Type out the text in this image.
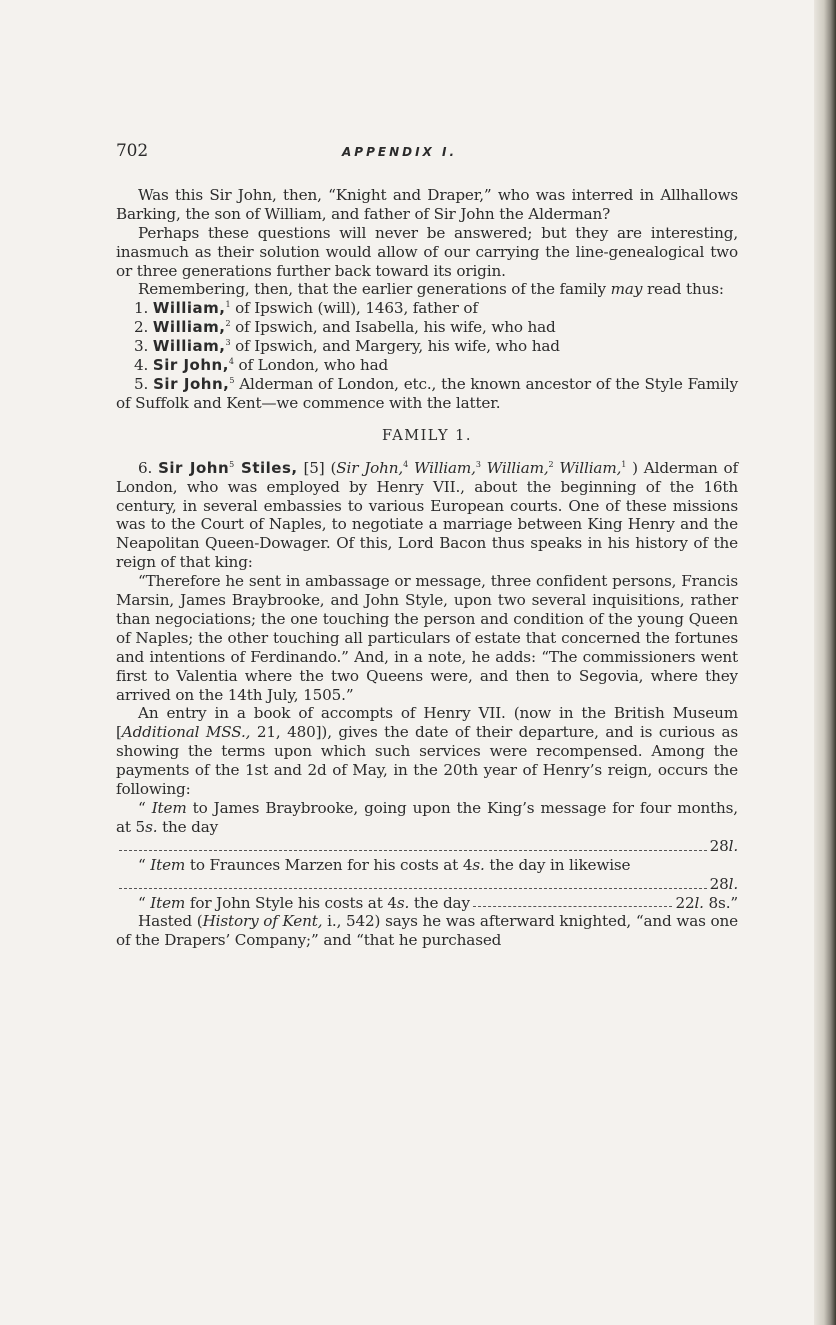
702	APPENDIX I.

Was this Sir John, then, “Knight and Draper,” who was interred in Allhallows Barking, the son of William, and father of Sir John the Alderman?

Perhaps these questions will never be answered; but they are interesting, inasmuch as their solution would allow of our carrying the line-genealogical two or three generations further back toward its origin.

Remembering, then, that the earlier generations of the family may read thus:

1. William,$^1$ of Ipswich (will), 1463, father of

2. William,$^2$ of Ipswich, and Isabella, his wife, who had

3. William,$^3$ of Ipswich, and Margery, his wife, who had

4. Sir John,$^4$ of London, who had

5. Sir John,$^5$ Alderman of London, etc., the known ancestor of the Style Family of Suffolk and Kent—we commence with the latter.

FAMILY 1.

6. Sir John$^5$ Stiles, [5] (Sir John,$^4$ William,$^3$ William,$^2$ William,$^1$ ) Alderman of London, who was employed by Henry VII., about the beginning of the 16th century, in several embassies to various European courts. One of these missions was to the Court of Naples, to negotiate a marriage between King Henry and the Neapolitan Queen-Dowager. Of this, Lord Bacon thus speaks in his history of the reign of that king:

“Therefore he sent in ambassage or message, three confident persons, Francis Marsin, James Braybrooke, and John Style, upon two several inquisitions, rather than negociations; the one touching the person and condition of the young Queen of Naples; the other touching all particulars of estate that concerned the fortunes and intentions of Ferdinando.” And, in a note, he adds: “The commissioners went first to Valentia where the two Queens were, and then to Segovia, where they arrived on the 14th July, 1505.”

An entry in a book of accompts of Henry VII. (now in the British Museum [Additional MSS., 21, 480]), gives the date of their departure, and is curious as showing the terms upon which such services were recompensed. Among the payments of the 1st and 2d of May, in the 20th year of Henry’s reign, occurs the following:

“ Item to James Braybrooke, going upon the King’s message for four months, at 5s. the day

28l.

“ Item to Fraunces Marzen for his costs at 4s. the day in likewise

28l.
“ Item for John Style his costs at 4s. the day	22l. 8s.”

Hasted (History of Kent, i., 542) says he was afterward knighted, “and was one of the Drapers’ Company;” and “that he purchased
